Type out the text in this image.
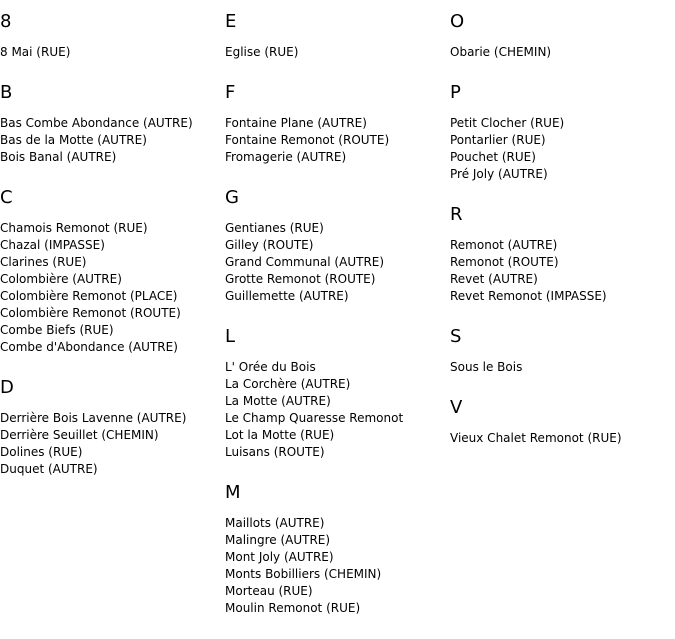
8
8 Mai (RUE)
B
Bas Combe Abondance (AUTRE)
Bas de la Motte (AUTRE)
Bois Banal (AUTRE)
C
Chamois Remonot (RUE)
Chazal (IMPASSE)
Clarines (RUE)
Colombière (AUTRE)
Colombière Remonot (PLACE)
Colombière Remonot (ROUTE)
Combe Biefs (RUE)
Combe d'Abondance (AUTRE)
D
Derrière Bois Lavenne (AUTRE)
Derrière Seuillet (CHEMIN)
Dolines (RUE)
Duquet (AUTRE)
E
Eglise (RUE)
F
Fontaine Plane (AUTRE)
Fontaine Remonot (ROUTE)
Fromagerie (AUTRE)
G
Gentianes (RUE)
Gilley (ROUTE)
Grand Communal (AUTRE)
Grotte Remonot (ROUTE)
Guillemette (AUTRE)
L
L' Orée du Bois
La Corchère (AUTRE)
La Motte (AUTRE)
Le Champ Quaresse Remonot
Lot la Motte (RUE)
Luisans (ROUTE)
M
Maillots (AUTRE)
Malingre (AUTRE)
Mont Joly (AUTRE)
Monts Bobilliers (CHEMIN)
Morteau (RUE)
Moulin Remonot (RUE)
O
Obarie (CHEMIN)
P
Petit Clocher (RUE)
Pontarlier (RUE)
Pouchet (RUE)
Pré Joly (AUTRE)
R
Remonot (AUTRE)
Remonot (ROUTE)
Revet (AUTRE)
Revet Remonot (IMPASSE)
S
Sous le Bois
V
Vieux Chalet Remonot (RUE)
